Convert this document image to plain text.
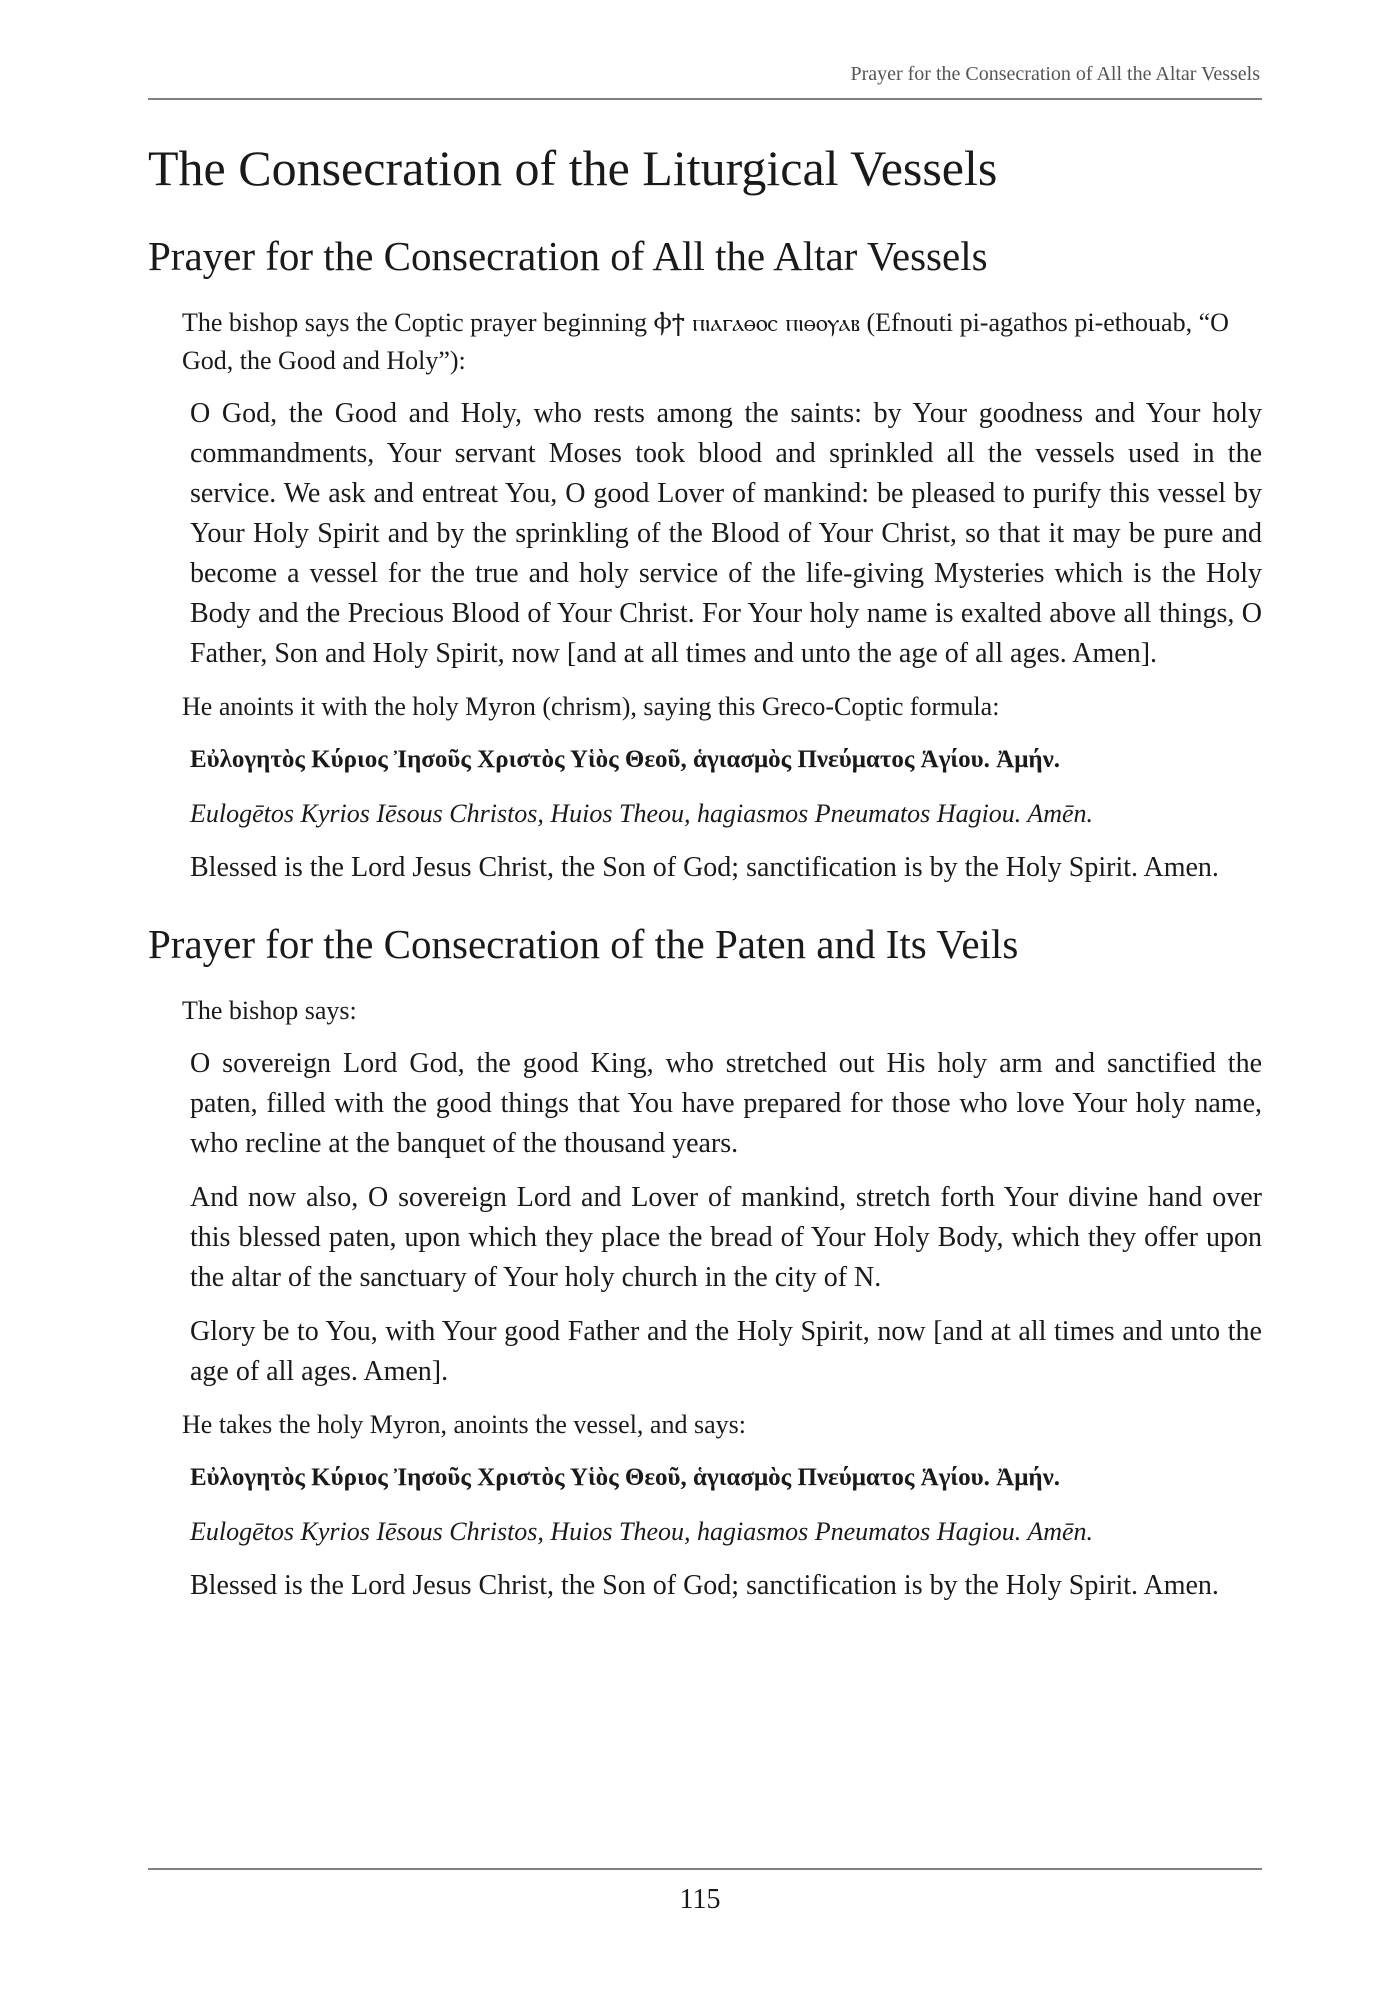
Prayer for the Consecration of All the Altar Vessels
The Consecration of the Liturgical Vessels
Prayer for the Consecration of All the Altar Vessels

The bishop says the Coptic prayer beginning Ⲫϯ ⲡⲓⲁⲅⲁⲑⲟⲥ ⲡⲓⲑⲟⲩⲁⲃ (Efnouti pi-agathos pi-ethouab, “O God, the Good and Holy”):

O God, the Good and Holy, who rests among the saints: by Your goodness and Your holy commandments, Your servant Moses took blood and sprinkled all the vessels used in the service. We ask and entreat You, O good Lover of mankind: be pleased to purify this vessel by Your Holy Spirit and by the sprinkling of the Blood of Your Christ, so that it may be pure and become a vessel for the true and holy service of the life-giving Mysteries which is the Holy Body and the Precious Blood of Your Christ. For Your holy name is exalted above all things, O Father, Son and Holy Spirit, now [and at all times and unto the age of all ages. Amen].

He anoints it with the holy Myron (chrism), saying this Greco-Coptic formula:

Εὐλογητὸς Κύριος Ἰησοῦς Χριστὸς Υἱὸς Θεοῦ, ἁγιασμὸς Πνεύματος Ἁγίου. Ἀμήν.

Eulogētos Kyrios Iēsous Christos, Huios Theou, hagiasmos Pneumatos Hagiou. Amēn.

Blessed is the Lord Jesus Christ, the Son of God; sanctification is by the Holy Spirit. Amen.

Prayer for the Consecration of the Paten and Its Veils

The bishop says:

O sovereign Lord God, the good King, who stretched out His holy arm and sanctified the paten, filled with the good things that You have prepared for those who love Your holy name, who recline at the banquet of the thousand years.

And now also, O sovereign Lord and Lover of mankind, stretch forth Your divine hand over this blessed paten, upon which they place the bread of Your Holy Body, which they offer upon the altar of the sanctuary of Your holy church in the city of N.

Glory be to You, with Your good Father and the Holy Spirit, now [and at all times and unto the age of all ages. Amen].

He takes the holy Myron, anoints the vessel, and says:

Εὐλογητὸς Κύριος Ἰησοῦς Χριστὸς Υἱὸς Θεοῦ, ἁγιασμὸς Πνεύματος Ἁγίου. Ἀμήν.

Eulogētos Kyrios Iēsous Christos, Huios Theou, hagiasmos Pneumatos Hagiou. Amēn.

Blessed is the Lord Jesus Christ, the Son of God; sanctification is by the Holy Spirit. Amen.

115
